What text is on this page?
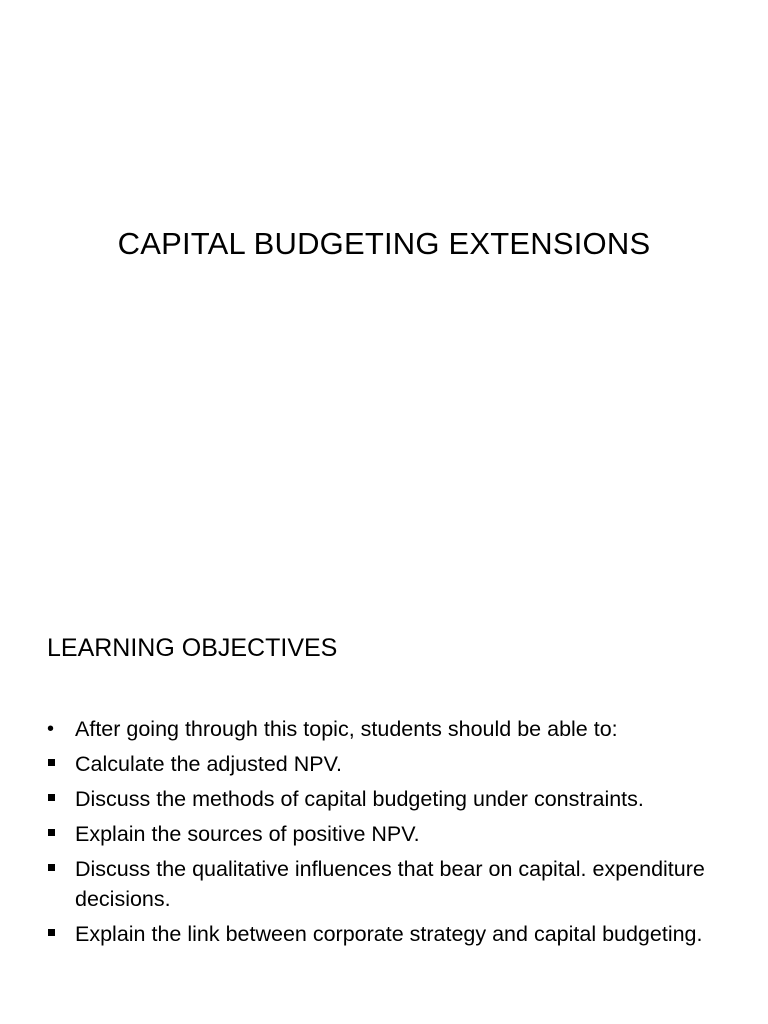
CAPITAL BUDGETING EXTENSIONS
LEARNING OBJECTIVES
• After going through this topic, students should be able to:
Calculate the adjusted NPV.
Discuss the methods of capital budgeting under constraints.
Explain the sources of positive NPV.
Discuss the qualitative influences that bear on capital. expenditure decisions.
Explain the link between corporate strategy and capital budgeting.
